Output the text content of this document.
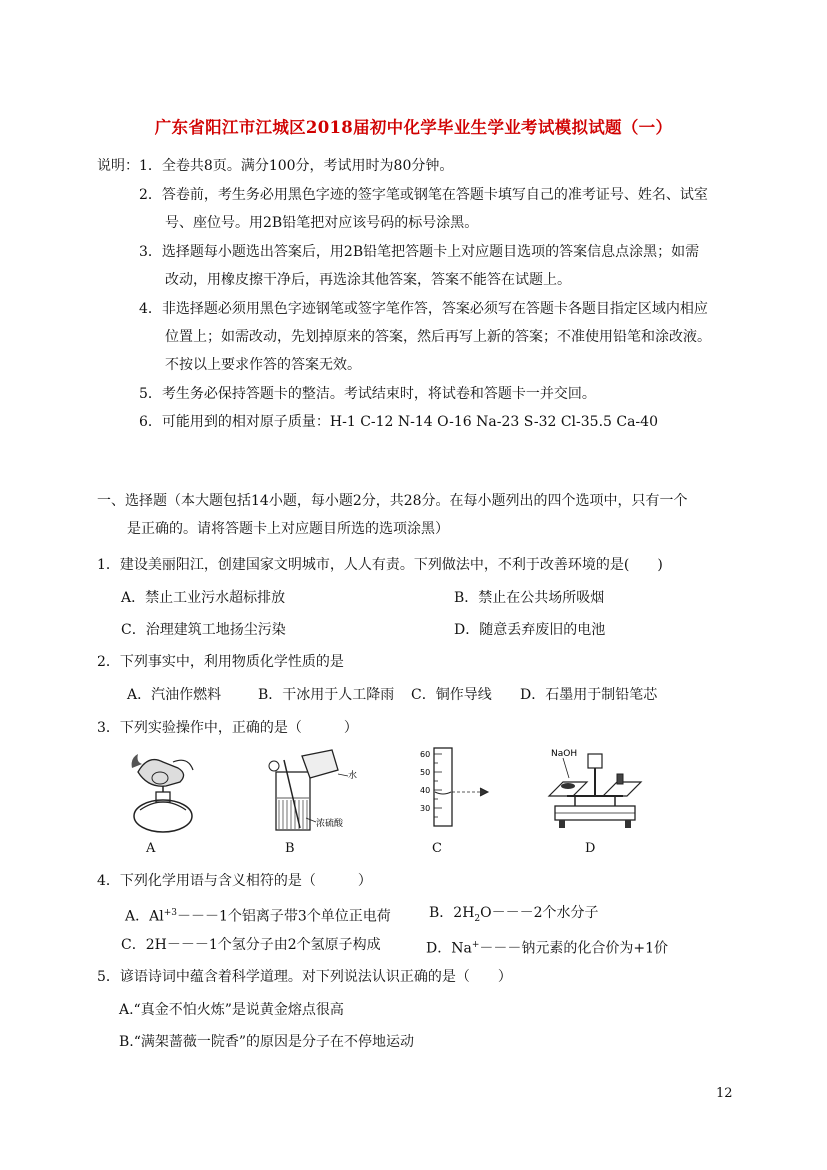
广东省阳江市江城区2018届初中化学毕业生学业考试模拟试题（一）
说明： 1．全卷共8页。满分100分，考试用时为80分钟。
2．答卷前，考生务必用黑色字迹的签字笔或钢笔在答题卡填写自己的准考证号、姓名、试室
号、座位号。用2B铅笔把对应该号码的标号涂黑。
3．选择题每小题选出答案后，用2B铅笔把答题卡上对应题目选项的答案信息点涂黑；如需
改动，用橡皮擦干净后，再选涂其他答案，答案不能答在试题上。
4．非选择题必须用黑色字迹钢笔或签字笔作答，答案必须写在答题卡各题目指定区域内相应
位置上；如需改动，先划掉原来的答案，然后再写上新的答案；不准使用铅笔和涂改液。
不按以上要求作答的答案无效。
5．考生务必保持答题卡的整洁。考试结束时，将试卷和答题卡一并交回。
6．可能用到的相对原子质量：H-1 C-12 N-14 O-16 Na-23 S-32 Cl-35.5 Ca-40
一、选择题（本大题包括14小题，每小题2分，共28分。在每小题列出的四个选项中，只有一个
是正确的。请将答题卡上对应题目所选的选项涂黑）
1．建设美丽阳江，创建国家文明城市，人人有责。下列做法中，不利于改善环境的是(　　)
A．禁止工业污水超标排放	B．禁止在公共场所吸烟
C．治理建筑工地扬尘污染	D．随意丢弃废旧的电池
2．下列事实中，利用物质化学性质的是
A．汽油作燃料	B．干冰用于人工降雨 C．铜作导线 D．石墨用于制铅笔芯
3．下列实验操作中，正确的是（　　　）
水
浓硫酸
60
50
40
30
NaOH
A	B	C	D
4．下列化学用语与含义相符的是（　　　）
A．$Al^{+3}---1$个铝离子带3个单位正电荷	B．$2H_2O---2$个水分子
C．2H－－－1个氢分子由2个氢原子构成	D．Na+－－－钠元素的化合价为+1价
5．谚语诗词中蕴含着科学道理。对下列说法认识正确的是（　　）
A.“真金不怕火炼”是说黄金熔点很高
B.“满架蔷薇一院香”的原因是分子在不停地运动
12
